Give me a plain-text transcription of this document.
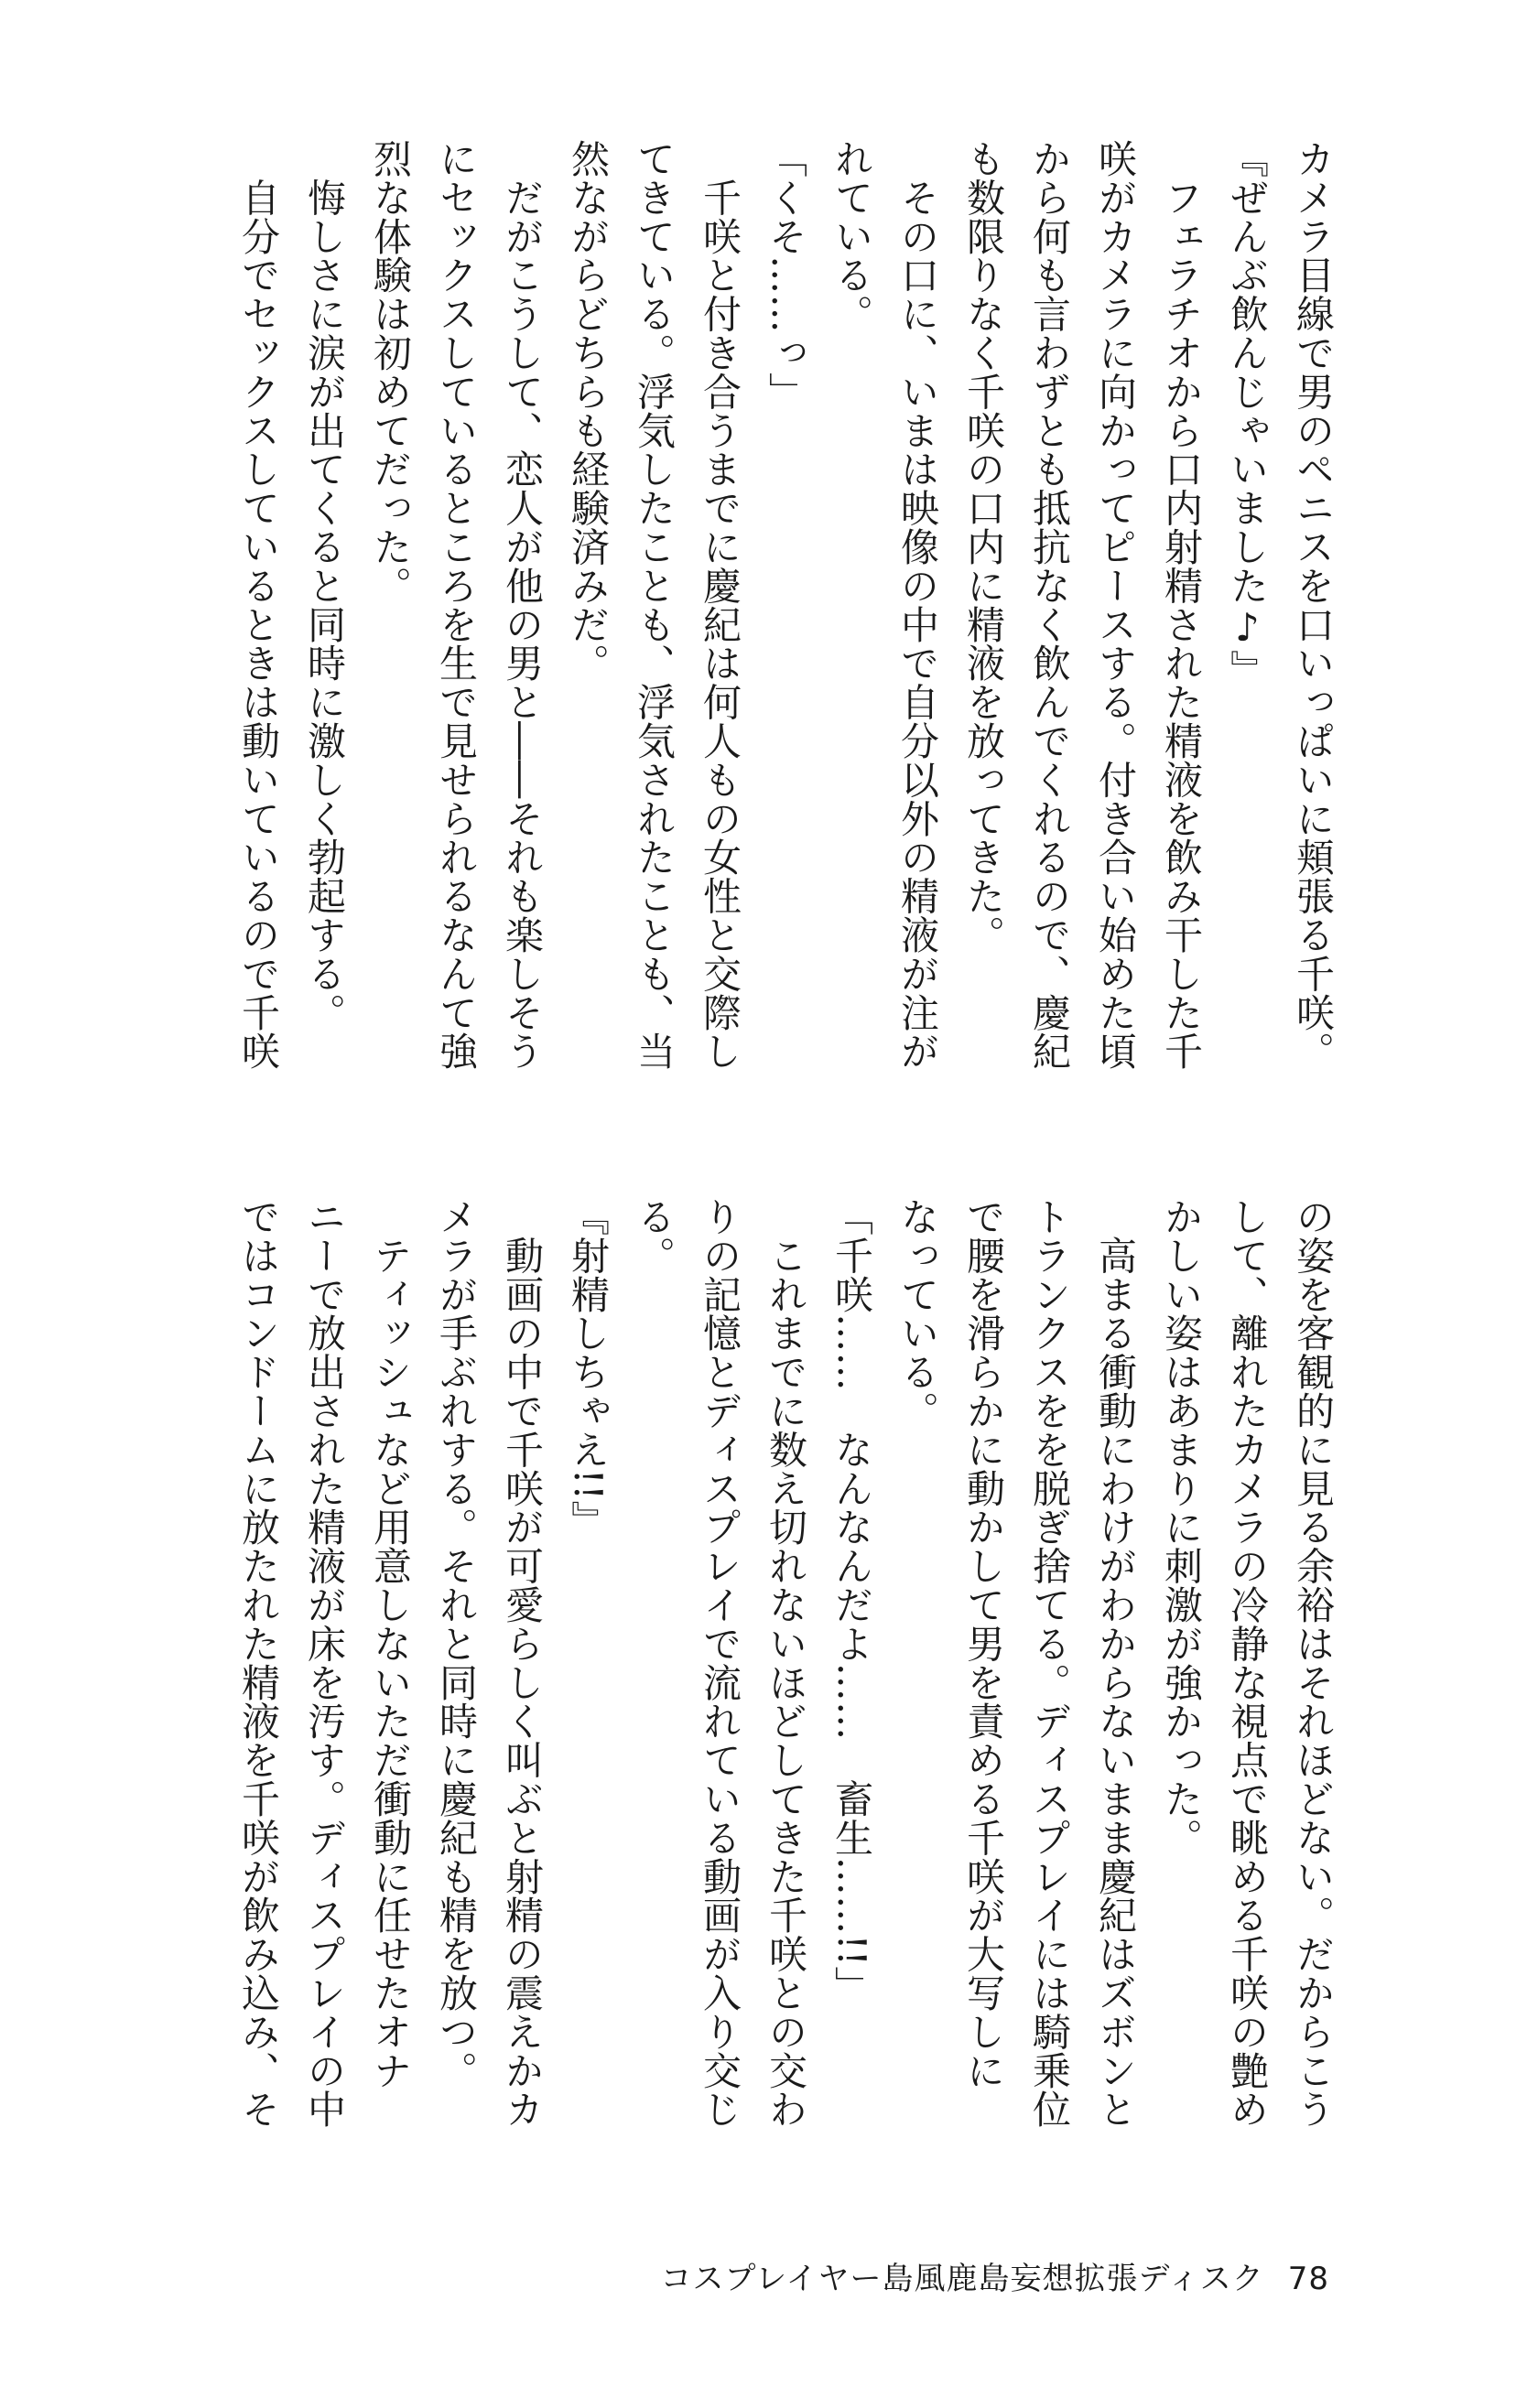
カメラ目線で男のペニスを口いっぱいに頬張る千咲。
『ぜんぶ飲んじゃいました♪』
　フェラチオから口内射精された精液を飲み干した千
咲がカメラに向かってピースする。付き合い始めた頃
から何も言わずとも抵抗なく飲んでくれるので、慶紀
も数限りなく千咲の口内に精液を放ってきた。
　その口に、いまは映像の中で自分以外の精液が注が
れている。
「くそ……っ」
　千咲と付き合うまでに慶紀は何人もの女性と交際し
てきている。浮気したことも、浮気されたことも、当
然ながらどちらも経験済みだ。
　だがこうして、恋人が他の男と――それも楽しそう
にセックスしているところを生で見せられるなんて強
烈な体験は初めてだった。
　悔しさに涙が出てくると同時に激しく勃起する。
　自分でセックスしているときは動いているので千咲
の姿を客観的に見る余裕はそれほどない。だからこう
して、離れたカメラの冷静な視点で眺める千咲の艶め
かしい姿はあまりに刺激が強かった。
　高まる衝動にわけがわからないまま慶紀はズボンと
トランクスをを脱ぎ捨てる。ディスプレイには騎乗位
で腰を滑らかに動かして男を責める千咲が大写しに
なっている。
「千咲……　なんなんだよ……　畜生……!!」
　これまでに数え切れないほどしてきた千咲との交わ
りの記憶とディスプレイで流れている動画が入り交じ
る。
『射精しちゃえ!!』
　動画の中で千咲が可愛らしく叫ぶと射精の震えかカ
メラが手ぶれする。それと同時に慶紀も精を放つ。
　ティッシュなど用意しないただ衝動に任せたオナ
ニーで放出された精液が床を汚す。ディスプレイの中
ではコンドームに放たれた精液を千咲が飲み込み、そ
コスプレイヤー島風鹿島妄想拡張ディスク 78
